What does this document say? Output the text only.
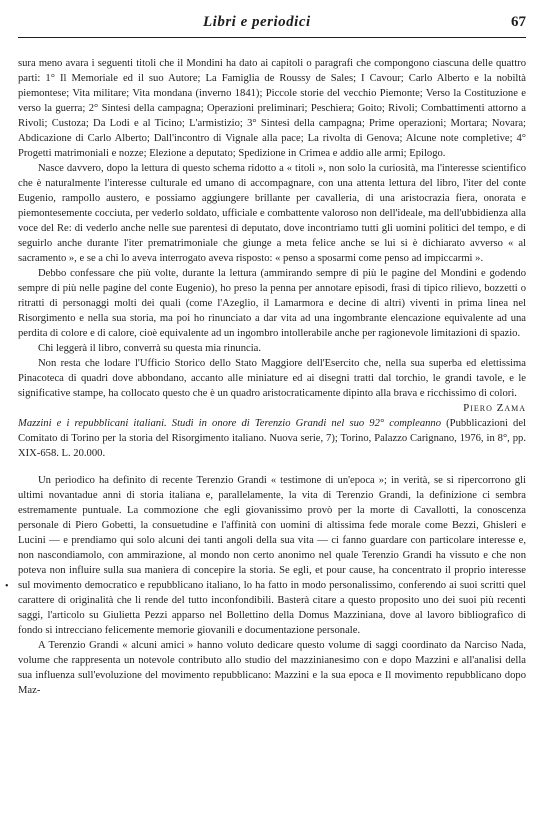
Libri e periodici	67
•

sura meno avara i seguenti titoli che il Mondini ha dato ai capitoli o paragrafi che compongono ciascuna delle quattro parti: 1° Il Memoriale ed il suo Autore; La Famiglia de Roussy de Sales; I Cavour; Carlo Alberto e la nobiltà piemontese; Vita militare; Vita mondana (inverno 1841); Piccole storie del vecchio Piemonte; Verso la Costituzione e verso la guerra; 2° Sintesi della campagna; Operazioni preliminari; Peschiera; Goito; Rivoli; Combattimenti attorno a Rivoli; Custoza; Da Lodi e al Ticino; L'armistizio; 3° Sintesi della campagna; Prime operazioni; Mortara; Novara; Abdicazione di Carlo Alberto; Dall'incontro di Vignale alla pace; La rivolta di Genova; Alcune note completive; 4° Progetti matrimoniali e nozze; Elezione a deputato; Spedizione in Crimea e addio alle armi; Epilogo.

Nasce davvero, dopo la lettura di questo schema ridotto a « titoli », non solo la curiosità, ma l'interesse scientifico che è naturalmente l'interesse culturale ed umano di accompagnare, con una attenta lettura del libro, l'iter del conte Eugenio, rampollo austero, e possiamo aggiungere brillante per cavalleria, di una aristocrazia fiera, onorata e piemontesemente cocciuta, per vederlo soldato, ufficiale e combattente valoroso non dell'ideale, ma dell'ubbidienza alla voce del Re: di vederlo anche nelle sue parentesi di deputato, dove incontriamo tutti gli uomini politici del tempo, e di seguirlo anche durante l'iter prematrimoniale che giunge a meta felice anche se lui si è dichiarato avverso « al sacramento », e se a chi lo aveva interrogato aveva risposto: « penso a sposarmi come penso ad impiccarmi ».

Debbo confessare che più volte, durante la lettura (ammirando sempre di più le pagine del Mondini e godendo sempre di più nelle pagine del conte Eugenio), ho preso la penna per annotare episodi, frasi di tipico rilievo, bozzetti o ritratti di personaggi molti dei quali (come l'Azeglio, il Lamarmora e decine di altri) viventi in prima linea nel Risorgimento e nella sua storia, ma poi ho rinunciato a dar vita ad una ingombrante elencazione equivalente ad una perdita di colore e di calore, cioè equivalente ad un ingombro intollerabile anche per ragionevole limitazioni di spazio.

Chi leggerà il libro, converrà su questa mia rinuncia.

Non resta che lodare l'Ufficio Storico dello Stato Maggiore dell'Esercito che, nella sua superba ed elettissima Pinacoteca di quadri dove abbondano, accanto alle miniature ed ai disegni tratti dal torchio, le grandi tavole, e le significative stampe, ha collocato questo che è un quadro aristocraticamente dipinto alla brava e ricchissimo di colori.

Piero Zama

Mazzini e i repubblicani italiani. Studi in onore di Terenzio Grandi nel suo 92° compleanno (Pubblicazioni del Comitato di Torino per la storia del Risorgimento italiano. Nuova serie, 7); Torino, Palazzo Carignano, 1976, in 8°, pp. XIX-658. L. 20.000.

Un periodico ha definito di recente Terenzio Grandi « testimone di un'epoca »; in verità, se si ripercorrono gli ultimi novantadue anni di storia italiana e, parallelamente, la vita di Terenzio Grandi, la definizione ci sembra estremamente puntuale. La commozione che egli giovanissimo provò per la morte di Cavallotti, la conoscenza personale di Piero Gobetti, la consuetudine e l'affinità con uomini di altissima fede morale come Bezzi, Ghisleri e Lucini — e prendiamo qui solo alcuni dei tanti angoli della sua vita — ci fanno guardare con particolare interesse e, non nascondiamolo, con ammirazione, al mondo non certo anonimo nel quale Terenzio Grandi ha vissuto e che non poteva non influire sulla sua maniera di concepire la storia. Se egli, et pour cause, ha concentrato il proprio interesse sul movimento democratico e repubblicano italiano, lo ha fatto in modo personalissimo, conferendo ai suoi scritti quel carattere di originalità che li rende del tutto inconfondibili. Basterà citare a questo proposito uno dei suoi più recenti saggi, l'articolo su Giulietta Pezzi apparso nel Bollettino della Domus Mazziniana, dove al lavoro bibliografico di fondo si intrecciano felicemente memorie giovanili e documentazione personale.

A Terenzio Grandi « alcuni amici » hanno voluto dedicare questo volume di saggi coordinato da Narciso Nada, volume che rappresenta un notevole contributo allo studio del mazzinianesimo con e dopo Mazzini e all'analisi della sua influenza sull'evoluzione del movimento repubblicano: Mazzini e la sua epoca e Il movimento repubblicano dopo Maz-
